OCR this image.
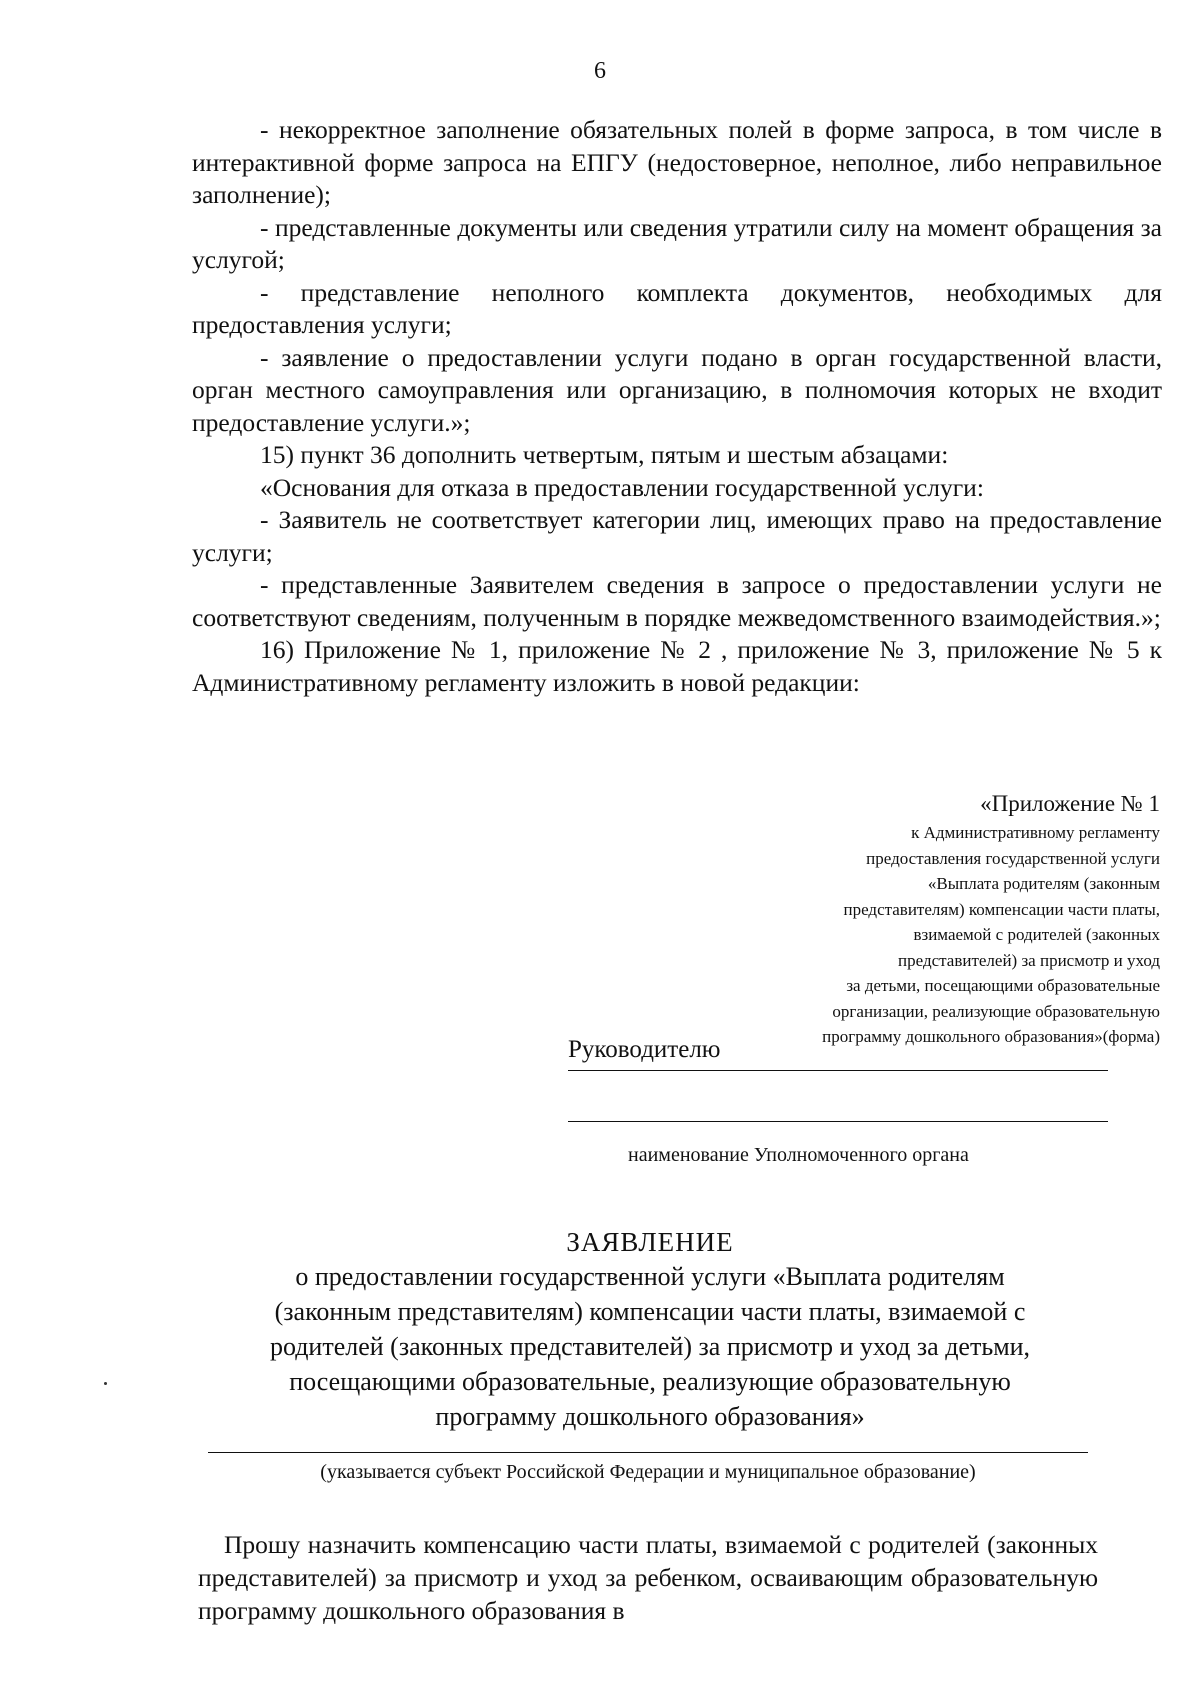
6

- некорректное заполнение обязательных полей в форме запроса, в том числе в интерактивной форме запроса на ЕПГУ (недостоверное, неполное, либо неправильное заполнение);

- представленные документы или сведения утратили силу на момент обращения за услугой;

- представление неполного комплекта документов, необходимых для предоставления услуги;

- заявление о предоставлении услуги подано в орган государственной власти, орган местного самоуправления или организацию, в полномочия которых не входит предоставление услуги.»;

15) пункт 36 дополнить четвертым, пятым и шестым абзацами:

«Основания для отказа в предоставлении государственной услуги:

- Заявитель не соответствует категории лиц, имеющих право на предоставление услуги;

- представленные Заявителем сведения в запросе о предоставлении услуги не соответствуют сведениям, полученным в порядке межведомственного взаимодействия.»;

16) Приложение № 1, приложение № 2 , приложение № 3, приложение № 5 к Административному регламенту изложить в новой редакции:

«Приложение № 1
к Административному регламенту
предоставления государственной услуги
«Выплата родителям (законным
представителям) компенсации части платы,
взимаемой с родителей (законных
представителей) за присмотр и уход
за детьми, посещающими образовательные
организации, реализующие образовательную
программу дошкольного образования»(форма)
Руководителю
наименование Уполномоченного органа
ЗАЯВЛЕНИЕ
о предоставлении государственной услуги «Выплата родителям
(законным представителям) компенсации части платы, взимаемой с
родителей (законных представителей) за присмотр и уход за детьми,
посещающими образовательные, реализующие образовательную
программу дошкольного образования»
(указывается субъект Российской Федерации и муниципальное образование)

Прошу назначить компенсацию части платы, взимаемой с родителей (законных представителей) за присмотр и уход за ребенком, осваивающим образовательную программу дошкольного образования в
